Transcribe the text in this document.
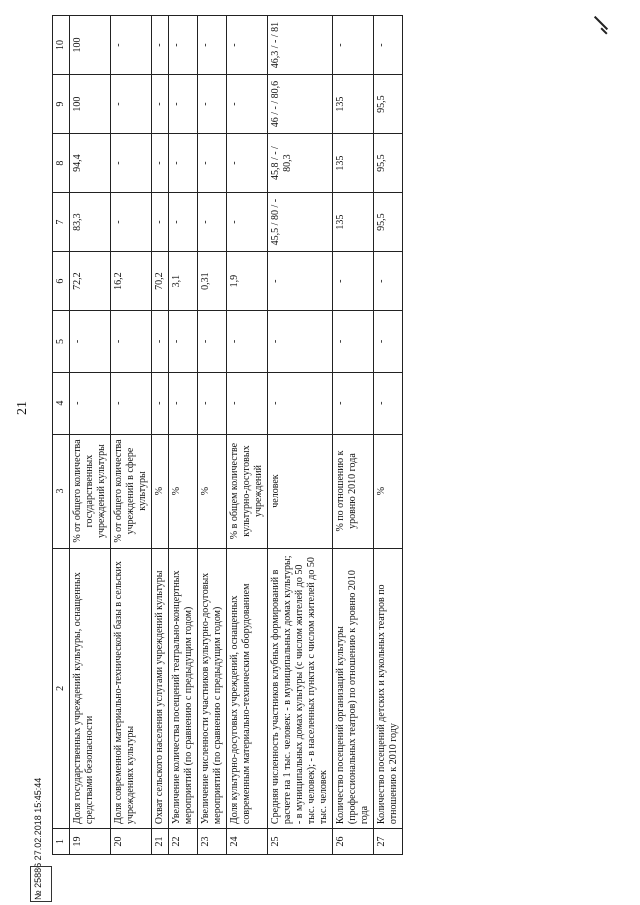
21
1	2	3	4	5	6	7	8	9	10
19	Доля государственных учреждений культуры, оснащенных средствами безопасности	% от общего количества государственных учреждений культуры	-	-	72,2	83,3	94,4	100	100
20	Доля современной материально-технической базы в сельских учреждениях культуры	% от общего количества учреждений в сфере культуры	-	-	16,2	-	-	-	-
21	Охват сельского населения услугами учреждений культуры	%	-	-	70,2	-	-	-	-
22	Увеличение количества посещений театрально-концертных мероприятий (по сравнению с предыдущим годом)	%	-	-	3,1	-	-	-	-
23	Увеличение численности участников культурно-досуговых мероприятий (по сравнению с предыдущим годом)	%	-	-	0,31	-	-	-	-
24	Доля культурно-досуговых учреждений, оснащенных современным материально-техническим оборудованием	% в общем количестве культурно-досуговых учреждений	-	-	1,9	-	-	-	-
25	Средняя численность участников клубных формирований в расчете на 1 тыс. человек: - в муниципальных домах культуры; - в муниципальных домах культуры (с числом жителей до 50 тыс. человек); - в населенных пунктах с числом жителей до 50 тыс. человек	человек	-	-	-	45,5 / 80 / -	45,8 / - / 80,3	46 / - / 80,6	46,3 / - / 81
26	Количество посещений организаций культуры (профессиональных театров) по отношению к уровню 2010 года	% по отношению к уровню 2010 года	-	-	-	135	135	135	-
27	Количество посещений детских и кукольных театров по отношению к 2010 году	%	-	-	-	95,5	95,5	95,5	-
№ 25886 27.02.2018 15:45:44
